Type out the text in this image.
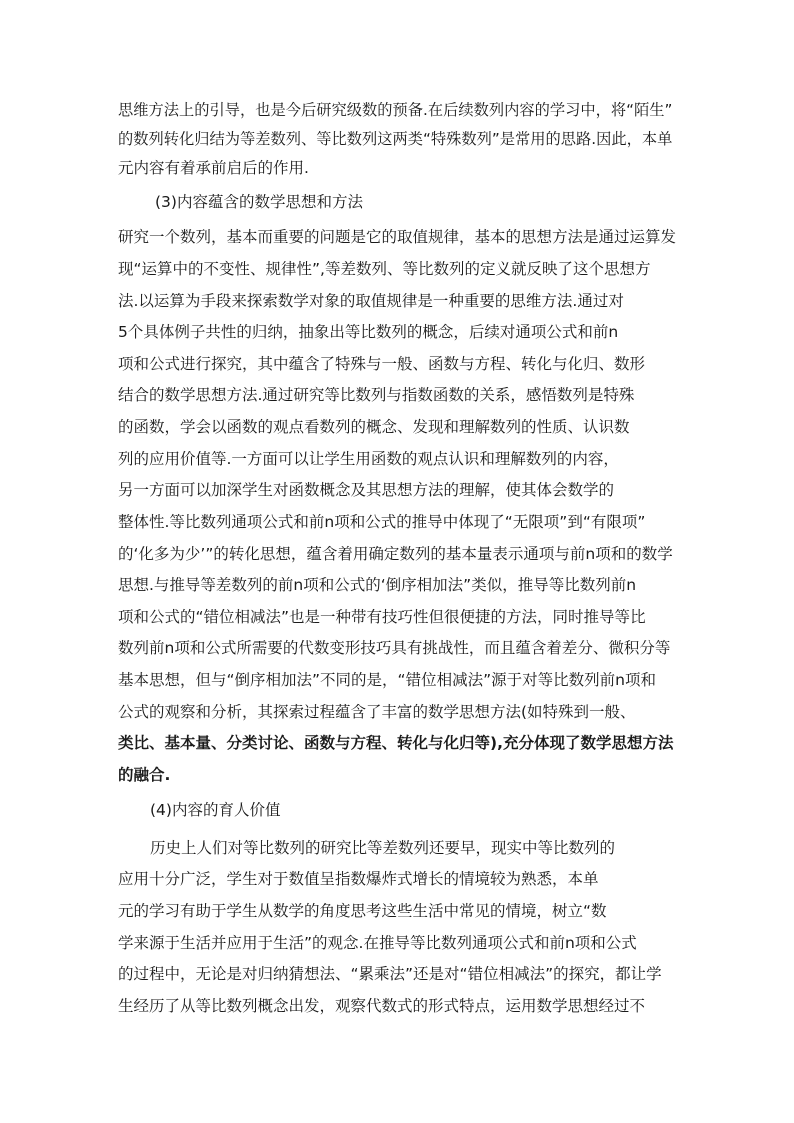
思维方法上的引导，也是今后研究级数的预备.在后续数列内容的学习中，将“陌生”
的数列转化归结为等差数列、等比数列这两类“特殊数列”是常用的思路.因此，本单
元内容有着承前启后的作用.
(3)内容蕴含的数学思想和方法
研究一个数列，基本而重要的问题是它的取值规律，基本的思想方法是通过运算发
现“运算中的不变性、规律性”,等差数列、等比数列的定义就反映了这个思想方
法.以运算为手段来探索数学对象的取值规律是一种重要的思维方法.通过对
5个具体例子共性的归纳，抽象出等比数列的概念，后续对通项公式和前n
项和公式进行探究，其中蕴含了特殊与一般、函数与方程、转化与化归、数形
结合的数学思想方法.通过研究等比数列与指数函数的关系，感悟数列是特殊
的函数，学会以函数的观点看数列的概念、发现和理解数列的性质、认识数
列的应用价值等.一方面可以让学生用函数的观点认识和理解数列的内容，
另一方面可以加深学生对函数概念及其思想方法的理解，使其体会数学的
整体性.等比数列通项公式和前n项和公式的推导中体现了“无限项”到“有限项”
的‘化多为少’”的转化思想，蕴含着用确定数列的基本量表示通项与前n项和的数学
思想.与推导等差数列的前n项和公式的‘倒序相加法”类似，推导等比数列前n
项和公式的“错位相减法”也是一种带有技巧性但很便捷的方法，同时推导等比
数列前n项和公式所需要的代数变形技巧具有挑战性，而且蕴含着差分、微积分等
基本思想，但与“倒序相加法”不同的是，“错位相减法”源于对等比数列前n项和
公式的观察和分析，其探索过程蕴含了丰富的数学思想方法(如特殊到一般、
类比、基本量、分类讨论、函数与方程、转化与化归等),充分体现了数学思想方法
的融合.
(4)内容的育人价值
历史上人们对等比数列的研究比等差数列还要早，现实中等比数列的
应用十分广泛，学生对于数值呈指数爆炸式增长的情境较为熟悉，本单
元的学习有助于学生从数学的角度思考这些生活中常见的情境，树立“数
学来源于生活并应用于生活”的观念.在推导等比数列通项公式和前n项和公式
的过程中，无论是对归纳猜想法、“累乘法”还是对“错位相减法”的探究，都让学
生经历了从等比数列概念出发，观察代数式的形式特点，运用数学思想经过不
